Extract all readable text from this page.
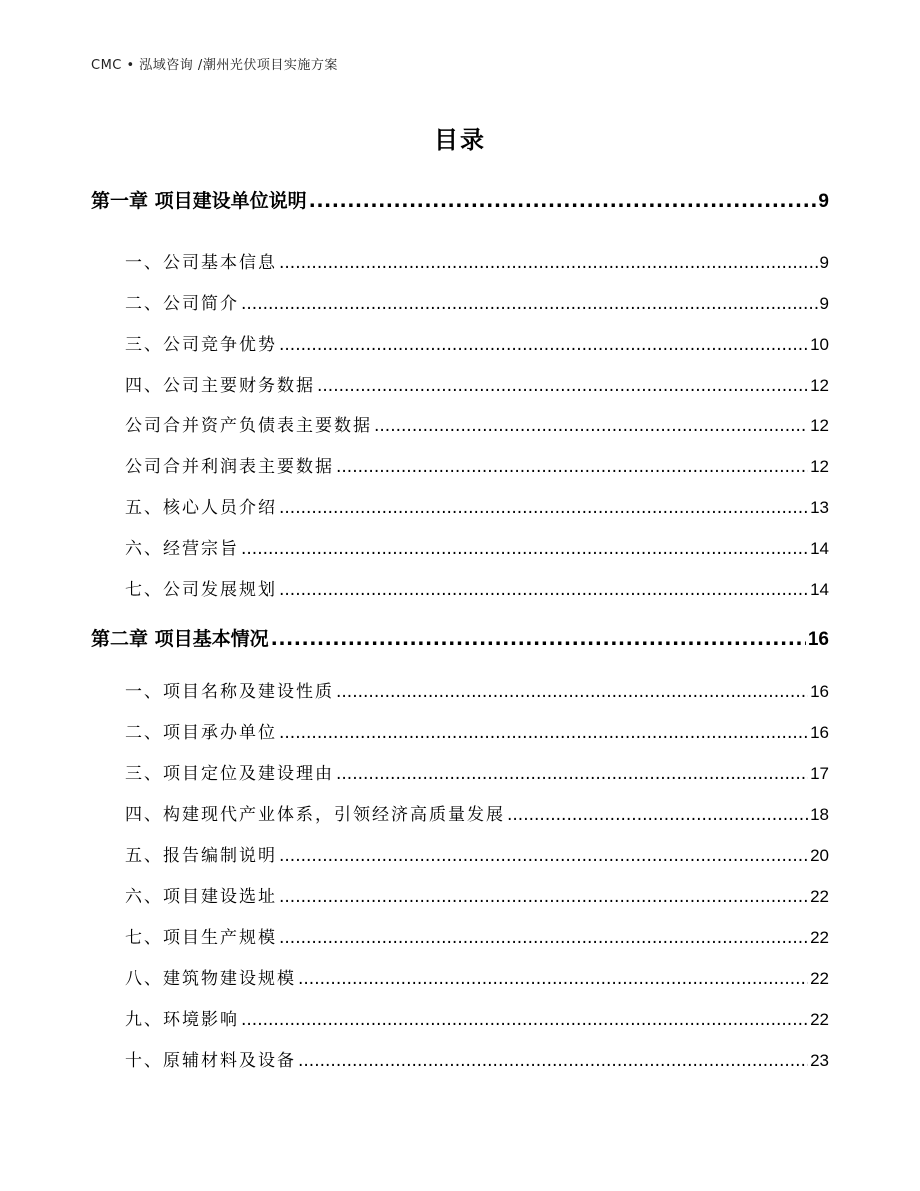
CMC • 泓域咨询 /潮州光伏项目实施方案
目录
第一章 项目建设单位说明 .....	9
一、 公司基本信息 .....	9
二、 公司简介 .....	9
三、 公司竞争优势 .....	10
四、 公司主要财务数据 .....	12
公司合并资产负债表主要数据 .....	12
公司合并利润表主要数据 .....	12
五、 核心人员介绍 .....	13
六、 经营宗旨 .....	14
七、 公司发展规划 .....	14
第二章 项目基本情况 .....	16
一、 项目名称及建设性质 .....	16
二、 项目承办单位 .....	16
三、 项目定位及建设理由 .....	17
四、 构建现代产业体系，引领经济高质量发展 .....	18
五、 报告编制说明 .....	20
六、 项目建设选址 .....	22
七、 项目生产规模 .....	22
八、 建筑物建设规模 .....	22
九、 环境影响 .....	22
十、 原辅材料及设备 .....	23
